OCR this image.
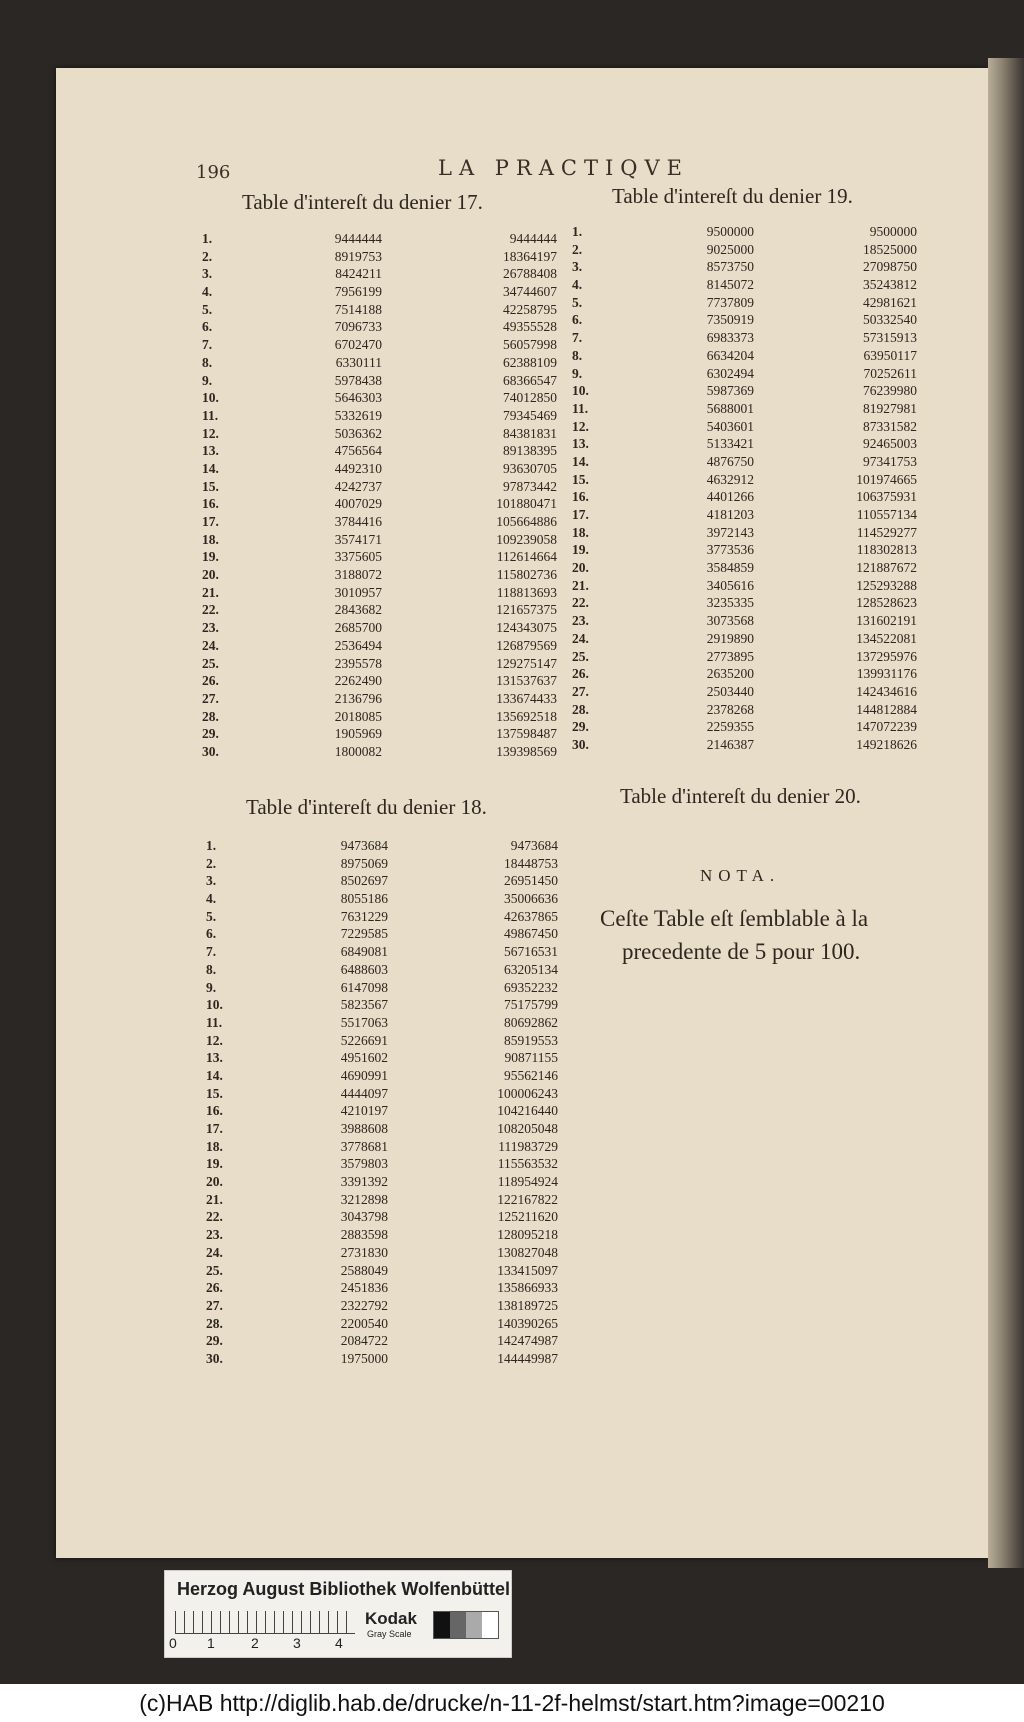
196	LA PRACTIQVE
Table d'intereſt du denier 17.
1.	9444444	9444444
2.	8919753	18364197
3.	8424211	26788408
4.	7956199	34744607
5.	7514188	42258795
6.	7096733	49355528
7.	6702470	56057998
8.	6330111	62388109
9.	5978438	68366547
10.	5646303	74012850
11.	5332619	79345469
12.	5036362	84381831
13.	4756564	89138395
14.	4492310	93630705
15.	4242737	97873442
16.	4007029	101880471
17.	3784416	105664886
18.	3574171	109239058
19.	3375605	112614664
20.	3188072	115802736
21.	3010957	118813693
22.	2843682	121657375
23.	2685700	124343075
24.	2536494	126879569
25.	2395578	129275147
26.	2262490	131537637
27.	2136796	133674433
28.	2018085	135692518
29.	1905969	137598487
30.	1800082	139398569
Table d'intereſt du denier 19.
1.	9500000	9500000
2.	9025000	18525000
3.	8573750	27098750
4.	8145072	35243812
5.	7737809	42981621
6.	7350919	50332540
7.	6983373	57315913
8.	6634204	63950117
9.	6302494	70252611
10.	5987369	76239980
11.	5688001	81927981
12.	5403601	87331582
13.	5133421	92465003
14.	4876750	97341753
15.	4632912	101974665
16.	4401266	106375931
17.	4181203	110557134
18.	3972143	114529277
19.	3773536	118302813
20.	3584859	121887672
21.	3405616	125293288
22.	3235335	128528623
23.	3073568	131602191
24.	2919890	134522081
25.	2773895	137295976
26.	2635200	139931176
27.	2503440	142434616
28.	2378268	144812884
29.	2259355	147072239
30.	2146387	149218626
Table d'intereſt du denier 18.
1.	9473684	9473684
2.	8975069	18448753
3.	8502697	26951450
4.	8055186	35006636
5.	7631229	42637865
6.	7229585	49867450
7.	6849081	56716531
8.	6488603	63205134
9.	6147098	69352232
10.	5823567	75175799
11.	5517063	80692862
12.	5226691	85919553
13.	4951602	90871155
14.	4690991	95562146
15.	4444097	100006243
16.	4210197	104216440
17.	3988608	108205048
18.	3778681	111983729
19.	3579803	115563532
20.	3391392	118954924
21.	3212898	122167822
22.	3043798	125211620
23.	2883598	128095218
24.	2731830	130827048
25.	2588049	133415097
26.	2451836	135866933
27.	2322792	138189725
28.	2200540	140390265
29.	2084722	142474987
30.	1975000	144449987
Table d'intereſt du denier 20.
NOTA.
Ceſte Table eſt ſemblable à la
precedente de 5 pour 100.
Herzog August Bibliothek Wolfenbüttel
0 1	2 3 4
Kodak
Gray Scale
(c)HAB http://diglib.hab.de/drucke/n-11-2f-helmst/start.htm?image=00210
